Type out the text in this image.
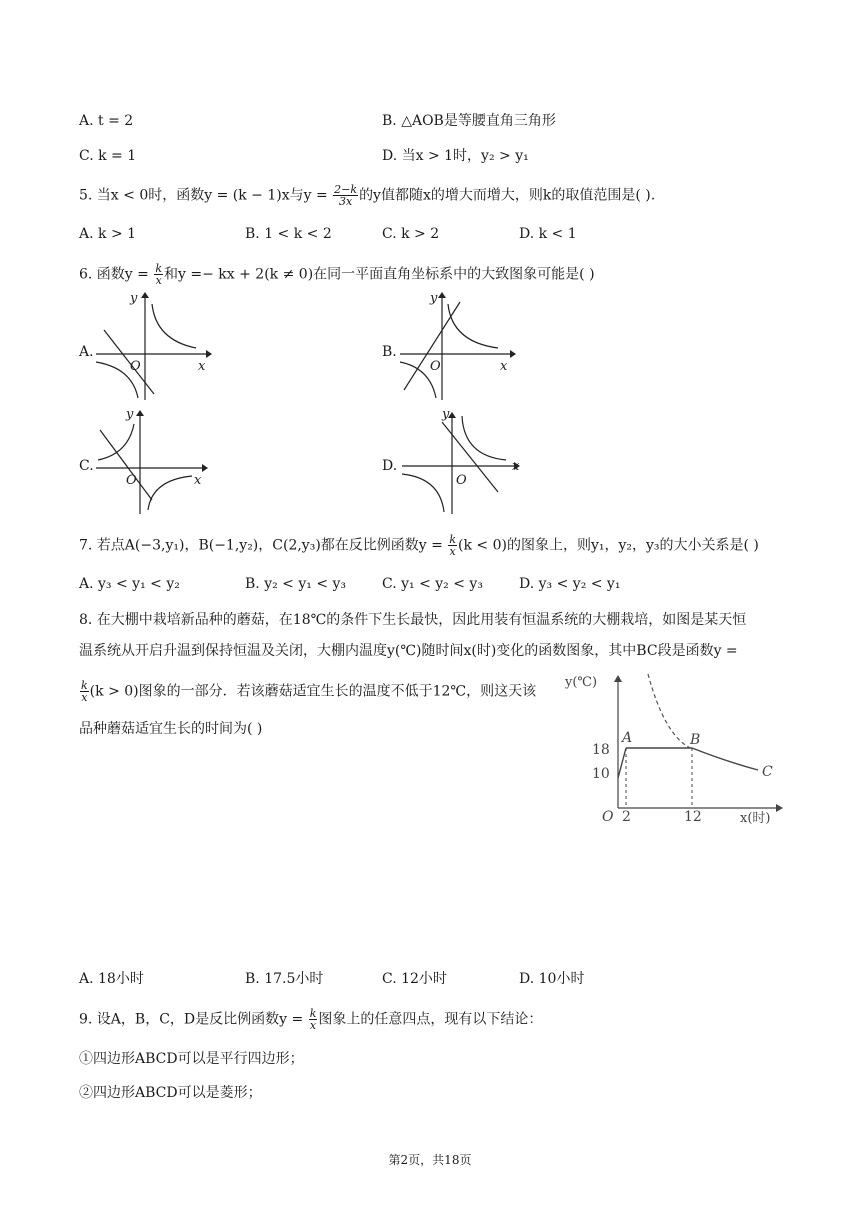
A. t = 2	B. △AOB是等腰直角三角形
C. k = 1	D. 当x > 1时，y₂ > y₁
5. 当x < 0时，函数y = (k − 1)x与$y = \frac{2-k}{3x}$ 的y值都随x的增大而增大，则k的取值范围是( ).
A. k > 1	B. 1 < k < 2	C. k > 2	D. k < 1
6. 函数$y = \frac{k}{x}$ 和y =− kx + 2(k ≠ 0)在同一平面直角坐标系中的大致图象可能是( )
A.
y
x
O
B.
y
x
O
C.
y
x
O
D.
y
x
O
7. 若点A(−3,y₁)，B(−1,y₂)，C(2,y₃)都在反比例函数$y = \frac{k}{x} (k < 0)$的图象上，则y₁，y₂，y₃的大小关系是( )
A. y₃ < y₁ < y₂	B. y₂ < y₁ < y₃	C. y₁ < y₂ < y₃	D. y₃ < y₂ < y₁
8. 在大棚中栽培新品种的蘑菇，在18℃的条件下生长最快，因此用装有恒温系统的大棚栽培，如图是某天恒
温系统从开启升温到保持恒温及关闭，大棚内温度y(℃)随时间x(时)变化的函数图象，其中BC段是函数y =
$\frac{k}{x} (k > 0)$图象的一部分．若该蘑菇适宜生长的温度不低于12℃，则这天该
品种蘑菇适宜生长的时间为( )
y(℃)
x(时)
O
18
10
2	12
A	B
C
A. 18小时	B. 17.5小时	C. 12小时	D. 10小时
9. 设A，B，C，D是反比例函数$y = \frac{k}{x}$ 图象上的任意四点，现有以下结论：
①四边形ABCD可以是平行四边形；
②四边形ABCD可以是菱形；
第2页，共18页
